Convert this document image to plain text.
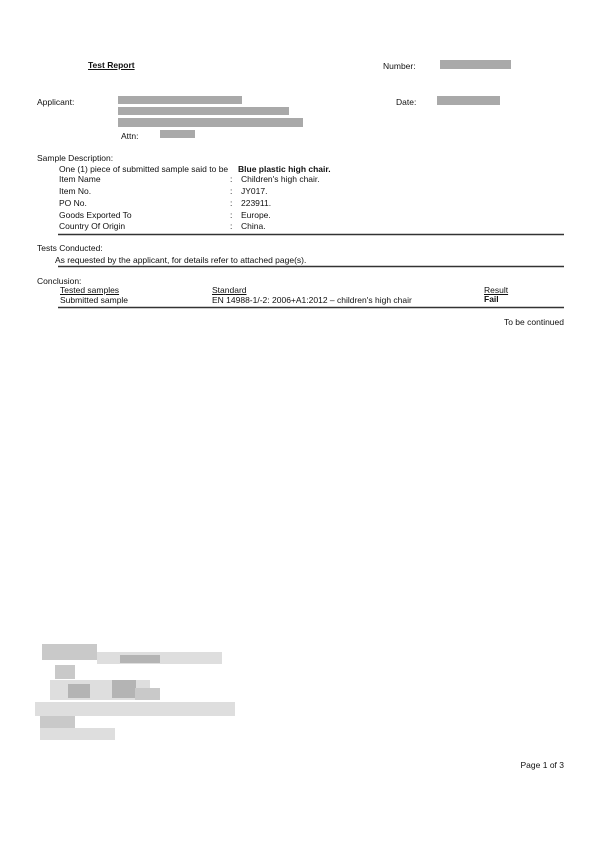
Test Report	Number:
Applicant:
Attn:
Date:
Sample Description:
One (1) piece of submitted sample said to be Blue plastic high chair.
Item Name	: Children's high chair.
Item No.	: JY017.
PO No.	: 223911.
Goods Exported To	: Europe.
Country Of Origin	: China.
Tests Conducted:
As requested by the applicant, for details refer to attached page(s).
Conclusion:
Tested samples	Standard	Result
Submitted sample	EN 14988-1/-2: 2006+A1:2012 – children's high chair	Fail
To be continued
Page 1 of 3
